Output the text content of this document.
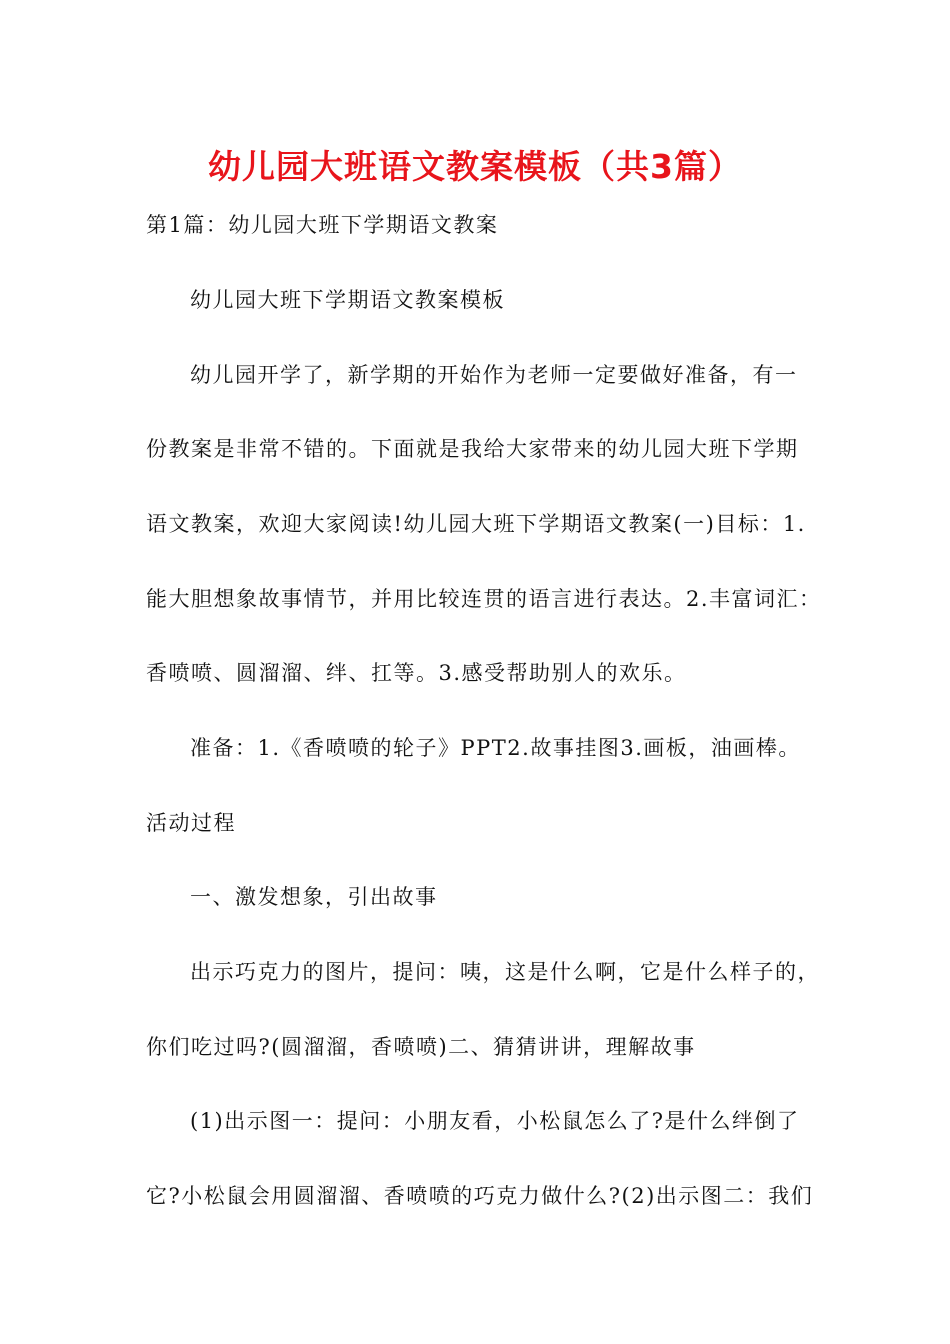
幼儿园大班语文教案模板（共3篇）

第1篇：幼儿园大班下学期语文教案

幼儿园大班下学期语文教案模板

幼儿园开学了，新学期的开始作为老师一定要做好准备，有一

份教案是非常不错的。下面就是我给大家带来的幼儿园大班下学期

语文教案，欢迎大家阅读!幼儿园大班下学期语文教案(一)目标：1.

能大胆想象故事情节，并用比较连贯的语言进行表达。2.丰富词汇：

香喷喷、圆溜溜、绊、扛等。3.感受帮助别人的欢乐。

准备：1.《香喷喷的轮子》PPT2.故事挂图3.画板，油画棒。

活动过程

一、激发想象，引出故事

出示巧克力的图片，提问：咦，这是什么啊，它是什么样子的，

你们吃过吗?(圆溜溜，香喷喷)二、猜猜讲讲，理解故事

(1)出示图一：提问：小朋友看，小松鼠怎么了?是什么绊倒了

它?小松鼠会用圆溜溜、香喷喷的巧克力做什么?(2)出示图二：我们
